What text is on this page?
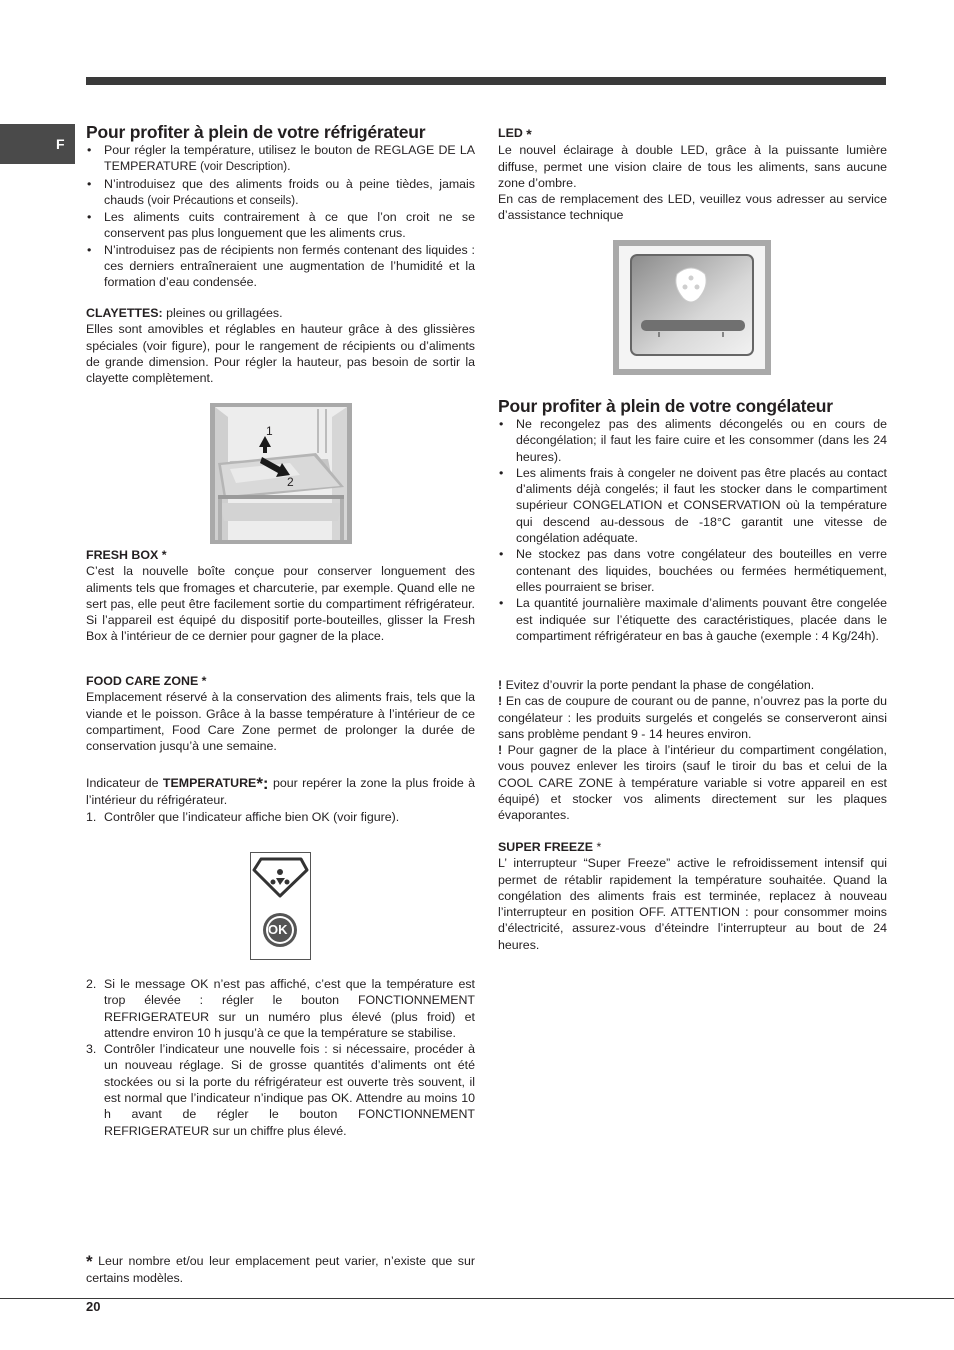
F
Pour profiter à plein de votre réfrigérateur
• Pour régler la température, utilisez le bouton de REGLAGE DE LA TEMPERATURE (voir Description).
• N’introduisez que des aliments froids ou à peine tièdes, jamais chauds (voir Précautions et conseils).
• Les aliments cuits contrairement à ce que l’on croit ne se conservent pas plus longuement que les aliments crus.
• N’introduisez pas de récipients non fermés contenant des liquides : ces derniers entraîneraient une augmentation de l’humidité et la formation d’eau condensée.

CLAYETTES: pleines ou grillagées.

Elles sont amovibles et réglables en hauteur grâce à des glissières spéciales (voir figure), pour le rangement de récipients ou d’aliments de grande dimension. Pour régler la hauteur, pas besoin de sortir la clayette complètement.

1
2

FRESH BOX *

C’est la nouvelle boîte conçue pour conserver longuement des aliments tels que fromages et charcuterie, par exemple. Quand elle ne sert pas, elle peut être facilement sortie du compartiment réfrigérateur. Si l’appareil est équipé du dispositif porte-bouteilles, glisser la Fresh Box à l’intérieur de ce dernier pour gagner de la place.

FOOD CARE ZONE *

Emplacement réservé à la conservation des aliments frais, tels que la viande et le poisson. Grâce à la basse température à l’intérieur de ce compartiment, Food Care Zone permet de prolonger la durée de conservation jusqu’à une semaine.

Indicateur de TEMPERATURE*: pour repérer la zone la plus froide à l’intérieur du réfrigérateur.

1. Contrôler que l’indicateur affiche bien OK (voir figure).
OK
2. Si le message OK n’est pas affiché, c’est que la température est trop élevée : régler le bouton FONCTIONNEMENT REFRIGERATEUR sur un numéro plus élevé (plus froid) et attendre environ 10 h jusqu’à ce que la température se stabilise.
3. Contrôler l’indicateur une nouvelle fois : si nécessaire, procéder à un nouveau réglage. Si de grosse quantités d’aliments ont été stockées ou si la porte du réfrigérateur est ouverte très souvent, il est normal que l’indicateur n’indique pas OK. Attendre au moins 10 h avant de régler le bouton FONCTIONNEMENT REFRIGERATEUR sur un chiffre plus élevé.

* Leur nombre et/ou leur emplacement peut varier, n’existe que sur certains modèles.

LED *

Le nouvel éclairage à double LED, grâce à la puissante lumière diffuse, permet une vision claire de tous les aliments, sans aucune zone d’ombre.

En cas de remplacement des LED, veuillez vous adresser au service d’assistance technique

Pour profiter à plein de votre congélateur
• Ne recongelez pas des aliments décongelés ou en cours de décongélation; il faut les faire cuire et les consommer (dans les 24 heures).
• Les aliments frais à congeler ne doivent pas être placés au contact d’aliments déjà congelés; il faut les stocker dans le compartiment supérieur CONGELATION et CONSERVATION où la température qui descend au-dessous de -18°C garantit une vitesse de congélation adéquate.
• Ne stockez pas dans votre congélateur des bouteilles en verre contenant des liquides, bouchées ou fermées hermétiquement, elles pourraient se briser.
• La quantité journalière maximale d’aliments pouvant être congelée est indiquée sur l’étiquette des caractéristiques, placée dans le compartiment réfrigérateur en bas à gauche (exemple : 4 Kg/24h).

! Evitez d’ouvrir la porte pendant la phase de congélation.

! En cas de coupure de courant ou de panne, n’ouvrez pas la porte du congélateur : les produits surgelés et congelés se conserveront ainsi sans problème pendant 9 - 14 heures environ.

! Pour gagner de la place à l’intérieur du compartiment congélation, vous pouvez enlever les tiroirs (sauf le tiroir du bas et celui de la COOL CARE ZONE à température variable si votre appareil en est équipé) et stocker vos aliments directement sur les plaques évaporantes.

SUPER FREEZE *

L’ interrupteur “Super Freeze” active le refroidissement intensif qui permet de rétablir rapidement la température souhaitée. Quand la congélation des aliments frais est terminée, replacez à nouveau l’interrupteur en position OFF. ATTENTION : pour consommer moins d’électricité, assurez-vous d’éteindre l’interrupteur au bout de 24 heures.

20
